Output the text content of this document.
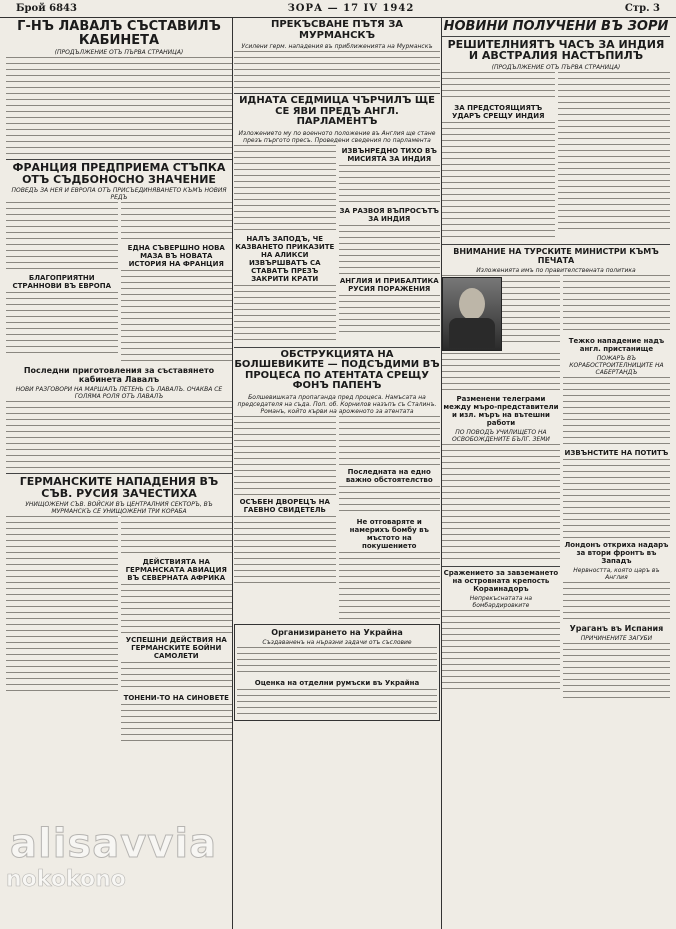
Брой 6843	ЗОРА — 17 IV 1942	Стр. 3
Г-НЪ ЛАВАЛЪ СЪСТАВИЛЪ КАБИНЕТА
(ПРОДЪЛЖЕНИЕ ОТЪ ПЪРВА СТРАНИЦА)
ФРАНЦИЯ ПРЕДПРИЕМА СТЪПКА ОТЪ СЪДБОНОСНО ЗНАЧЕНИЕ
ПОВЕДЪ ЗА НЕЯ И ЕВРОПА ОТЪ ПРИСЪЕДИНЯВАНЕТО КЪМЪ НОВИЯ РЕДЪ
БЛАГОПРИЯТНИ СТРАННОВИ ВЪ ЕВРОПА
ЕДНА СЪВЕРШНО НОВА МАЗА ВЪ НОВАТА ИСТОРИЯ НА ФРАНЦИЯ
Последни приготовления за съставянето кабинета Лавалъ
НОВИ РАЗГОВОРИ НА МАРШАЛЪ ПЕТЕНЬ СЪ ЛАВАЛЪ. ОЧАКВА СЕ ГОЛЯМА РОЛЯ ОТЪ ЛАВАЛЪ
ГЕРМАНСКИТЕ НАПАДЕНИЯ ВЪ СЪВ. РУСИЯ ЗАЧЕСТИХА
УНИЩОЖЕНИ СЪВ. ВОЙСКИ ВЪ ЦЕНТРАЛНИЯ СЕКТОРЪ, ВЪ МУРМАНСКЪ СЕ УНИЩОЖЕНИ ТРИ КОРАБА
ДЕЙСТВИЯТА НА ГЕРМАНСКАТА АВИАЦИЯ ВЪ СЕВЕРНАТА АФРИКА
УСПЕШНИ ДЕЙСТВИЯ НА ГЕРМАНСКИТЕ БОЙНИ САМОЛЕТИ
ТОНЕНИ-ТО НА СИНОВЕТЕ
ПРЕКЪСВАНЕ ПЪТЯ ЗА МУРМАНСКЪ
Усилени герм. нападения въ приближенията на Мурманскъ
ИДНАТА СЕДМИЦА ЧЪРЧИЛЪ ЩЕ СЕ ЯВИ ПРЕДЪ АНГЛ. ПАРЛАМЕНТЪ
Изложението му по военното положение въ Англия ще стане презъ пъргото пресъ. Проведени сведения по парламента
НАЛЪ ЗАПОДЪ, ЧЕ КАЗВАНЕТО ПРИКАЗИТЕ НА АЛИКСИ ИЗВЪРШВАТЪ СА СТАВАТЪ ПРЕЗЪ ЗАКРИТИ КРАТИ
ИЗВЪНРЕДНО ТИХО ВЪ МИСИЯТА ЗА ИНДИЯ
ЗА РАЗВОЯ ВЪПРОСЪТЪ ЗА ИНДИЯ
АНГЛИЯ И ПРИБАЛТИКА РУСИЯ ПОРАЖЕНИЯ
ОБСТРУКЦИЯТА НА БОЛШЕВИКИТЕ — ПОДСЪДИМИ ВЪ ПРОЦЕСА ПО АТЕНТАТА СРЕЩУ ФОНЪ ПАПЕНЪ
Болшевишката пропаганда пред процеса. Намъсата на председателя на съда. Поп. об. Корнилов назъпъ съ Сталинъ. Романъ, който кърви на ароженото за атентата
ОСЪБЕН ДВОРЕЦЪ НА ГАЕВНО СВИДЕТЕЛЬ
Последната на едно важно обстоятелство
Не отговаряте и намерихъ бомбу въ мъстото на покушението
Организирането на Украйна
Създаваненъ на нъразни задачи отъ съсловие
Оценка на отделни румъски въ Украйна
НОВИНИ ПОЛУЧЕНИ ВЪ ЗОРИ
РЕШИТЕЛНИЯТЪ ЧАСЪ ЗА ИНДИЯ И АВСТРАЛИЯ НАСТЪПИЛЪ
(ПРОДЪЛЖЕНИЕ ОТЪ ПЪРВА СТРАНИЦА)
ЗА ПРЕДСТОЯЩИЯТЪ УДАРЪ СРЕЩУ ИНДИЯ
ВНИМАНИЕ НА ТУРСКИТЕ МИНИСТРИ КЪМЪ ПЕЧАТА
Изложенията имъ по правителствената политика
Разменени телеграми между мъро-представители и изл. мъръ на вътешни работи
ПО ПОВОДЪ УЧИЛИЩЕТО НА ОСВОБОЖДЕНИТЕ БЪЛГ. ЗЕМИ
Сражението за завземането на островната крепость Кораинадоръ
Непрекъснатата на бомбардировките
Тежко нападение надъ англ. пристанище
ПОЖАРЪ ВЪ КОРАБОСТРОИТЕЛНИЦИТЕ НА САБЕРТАНДЪ
ИЗВЪНСТИТЕ НА ПОТИТЪ
Лондонъ откриха надаръ за втори фронтъ въ Западъ
Нервността, която царъ въ Англия
Ураганъ въ Испания
ПРИЧИНЕНИТЕ ЗАГУБИ
alisavvia
nokokono
